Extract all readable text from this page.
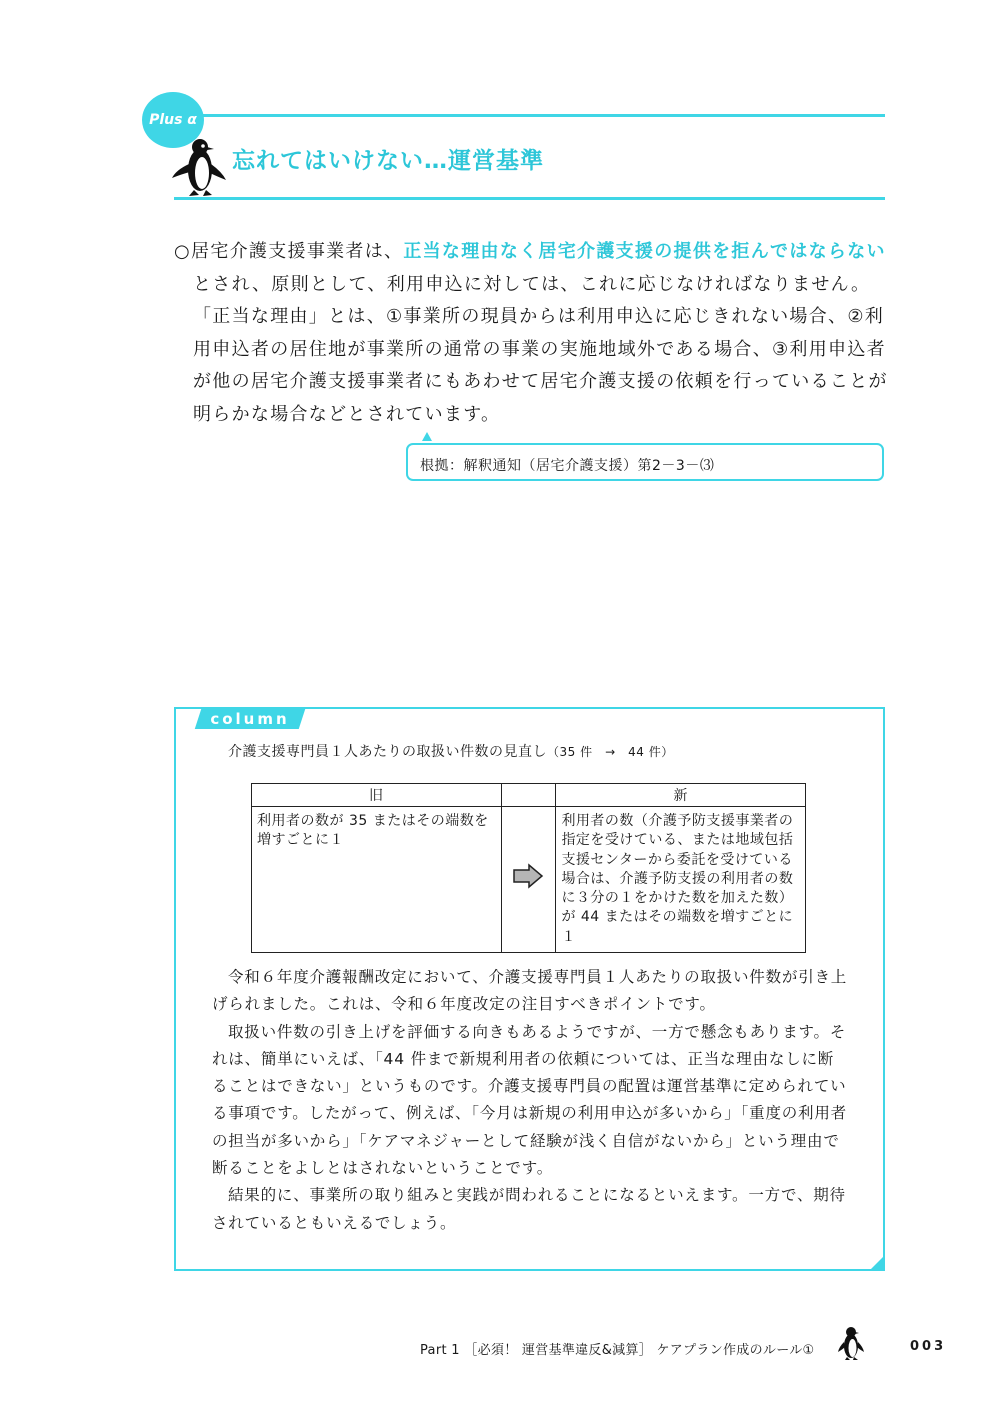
Plus α
忘れてはいけない…運営基準
○居宅介護支援事業者は、正当な理由なく居宅介護支援の提供を拒んではならないとされ、原則として、利用申込に対しては、これに応じなければなりません。「正当な理由」とは、①事業所の現員からは利用申込に応じきれない場合、②利用申込者の居住地が事業所の通常の事業の実施地域外である場合、③利用申込者が他の居宅介護支援事業者にもあわせて居宅介護支援の依頼を行っていることが明らかな場合などとされています。
根拠：解釈通知（居宅介護支援）第2－3－⑶
column
介護支援専門員１人あたりの取扱い件数の見直し（35 件　→　44 件）
旧		新
利用者の数が 35 またはその端数を増すごとに１		利用者の数（介護予防支援事業者の指定を受けている、または地域包括支援センターから委託を受けている場合は、介護予防支援の利用者の数に３分の１をかけた数を加えた数）が 44 またはその端数を増すごとに１

令和６年度介護報酬改定において、介護支援専門員１人あたりの取扱い件数が引き上げられました。これは、令和６年度改定の注目すべきポイントです。

取扱い件数の引き上げを評価する向きもあるようですが、一方で懸念もあります。それは、簡単にいえば、「44 件まで新規利用者の依頼については、正当な理由なしに断ることはできない」というものです。介護支援専門員の配置は運営基準に定められている事項です。したがって、例えば、「今月は新規の利用申込が多いから」「重度の利用者の担当が多いから」「ケアマネジャーとして経験が浅く自信がないから」という理由で断ることをよしとはされないということです。

結果的に、事業所の取り組みと実践が問われることになるといえます。一方で、期待されているともいえるでしょう。

Part 1 ［必須！ 運営基準違反&減算］ ケアプラン作成のルール①	003
